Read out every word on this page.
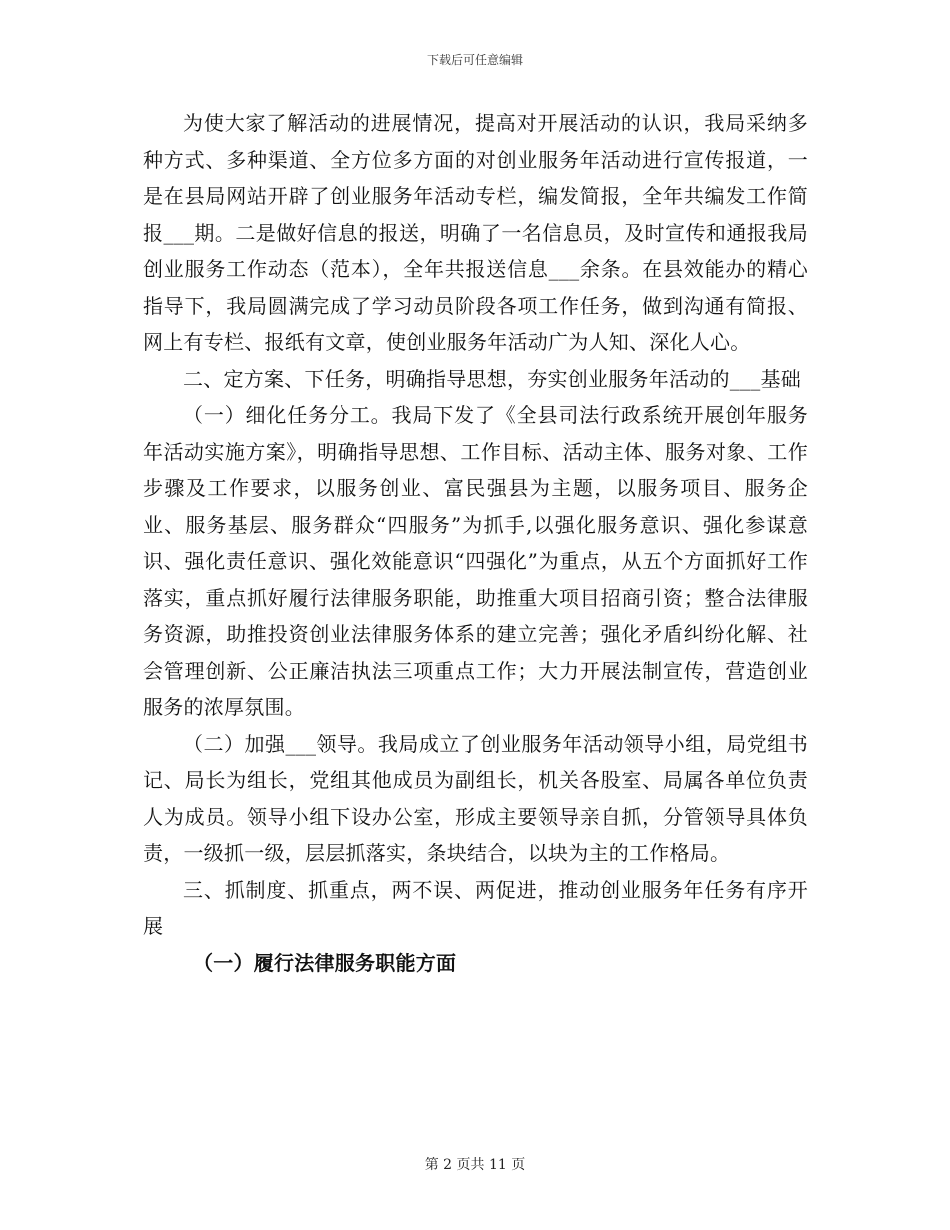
下载后可任意编辑

为使大家了解活动的进展情况，提高对开展活动的认识，我局采纳多种方式、多种渠道、全方位多方面的对创业服务年活动进行宣传报道，一是在县局网站开辟了创业服务年活动专栏，编发简报，全年共编发工作简报___期。二是做好信息的报送，明确了一名信息员，及时宣传和通报我局创业服务工作动态（范本），全年共报送信息___余条。在县效能办的精心指导下，我局圆满完成了学习动员阶段各项工作任务，做到沟通有简报、网上有专栏、报纸有文章，使创业服务年活动广为人知、深化人心。

二、定方案、下任务，明确指导思想，夯实创业服务年活动的___基础

（一）细化任务分工。我局下发了《全县司法行政系统开展创年服务年活动实施方案》，明确指导思想、工作目标、活动主体、服务对象、工作步骤及工作要求，以服务创业、富民强县为主题，以服务项目、服务企业、服务基层、服务群众“四服务”为抓手,以强化服务意识、强化参谋意识、强化责任意识、强化效能意识“四强化”为重点，从五个方面抓好工作落实，重点抓好履行法律服务职能，助推重大项目招商引资；整合法律服务资源，助推投资创业法律服务体系的建立完善；强化矛盾纠纷化解、社会管理创新、公正廉洁执法三项重点工作；大力开展法制宣传，营造创业服务的浓厚氛围。

（二）加强___领导。我局成立了创业服务年活动领导小组，局党组书记、局长为组长，党组其他成员为副组长，机关各股室、局属各单位负责人为成员。领导小组下设办公室，形成主要领导亲自抓，分管领导具体负责，一级抓一级，层层抓落实，条块结合，以块为主的工作格局。

三、抓制度、抓重点，两不误、两促进，推动创业服务年任务有序开展

（一）履行法律服务职能方面

第 2 页共 11 页
